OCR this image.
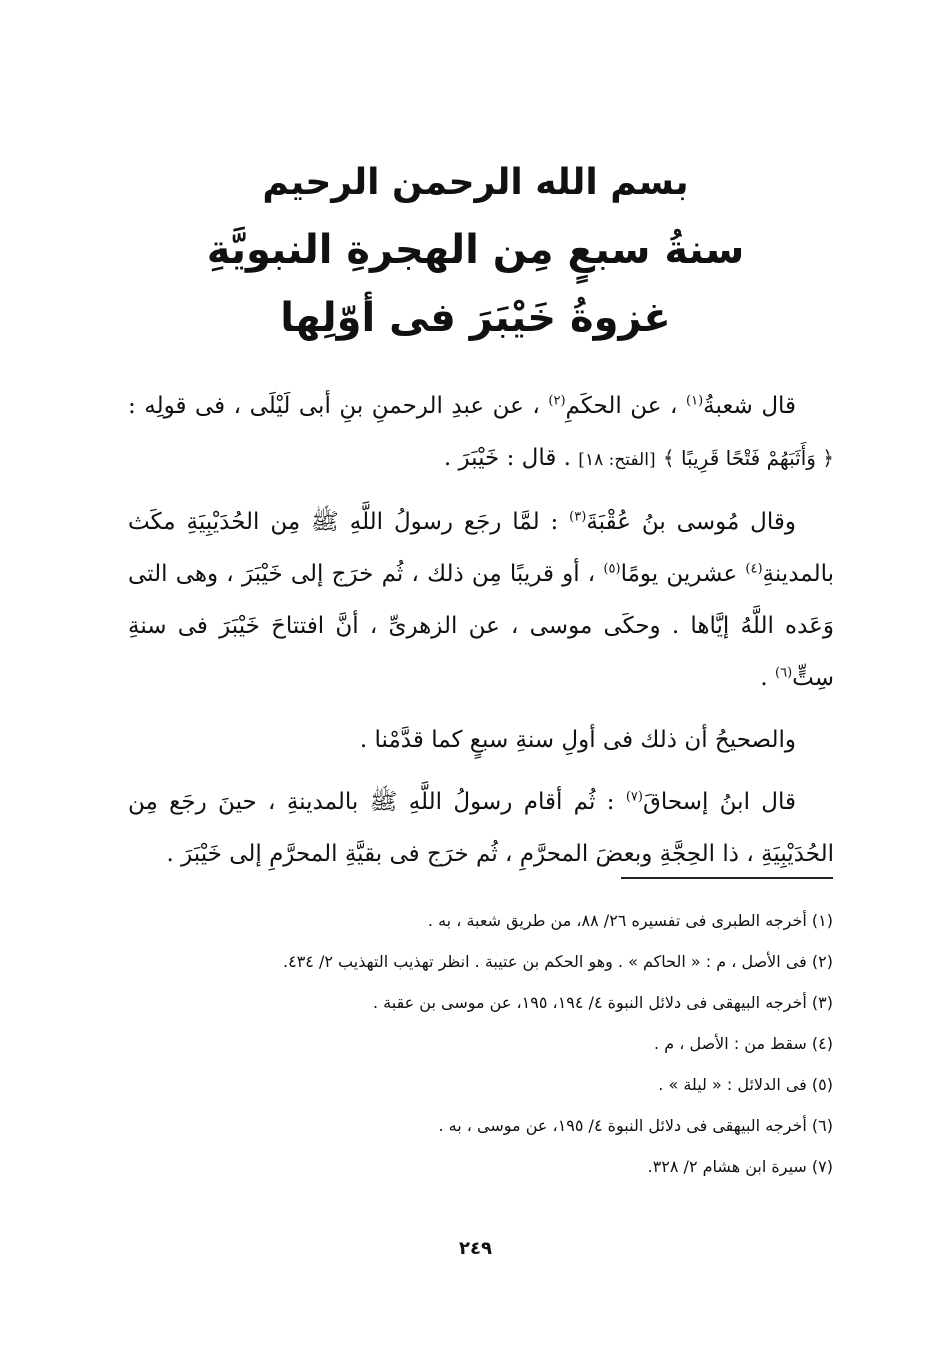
بسم الله الرحمن الرحيم
سنةُ سبعٍ مِن الهجرةِ النبويَّةِ
غزوةُ خَيْبَرَ فى أوّلِها

قال شعبةُ$^{(١)}$ ، عن الحكَمِ$^{(٢)}$ ، عن عبدِ الرحمنِ بنِ أبى لَيْلَى ، فى قولِه : ﴿ وَأَثَبَهُمْ فَتْحًا قَرِيبًا ﴾ [الفتح: ١٨] . قال : خَيْبَرَ .

وقال مُوسى بنُ عُقْبَةَ$^{(٣)}$ : لمَّا رجَع رسولُ اللَّهِ ﷺ مِن الحُدَيْبِيَةِ مكَث بالمدينةِ$^{(٤)}$ عشرين يومًا$^{(٥)}$ ، أو قريبًا مِن ذلك ، ثُم خرَج إلى خَيْبَرَ ، وهى التى وَعَده اللَّهُ إيَّاها . وحكَى موسى ، عن الزهرىِّ ، أنَّ افتتاحَ خَيْبَرَ فى سنةِ سِتٍّ$^{(٦)}$ .

والصحيحُ أن ذلك فى أولِ سنةِ سبعٍ كما قدَّمْنا .

قال ابنُ إسحاقَ$^{(٧)}$ : ثُم أقام رسولُ اللَّهِ ﷺ بالمدينةِ ، حينَ رجَع مِن الحُدَيْبِيَةِ ، ذا الحِجَّةِ وبعضَ المحرَّمِ ، ثُم خرَج فى بقيَّةِ المحرَّمِ إلى خَيْبَرَ .

(١) أخرجه الطبرى فى تفسيره ٢٦/ ٨٨، من طريق شعبة ، به .
(٢) فى الأصل ، م : « الحاكم » . وهو الحكم بن عتيبة . انظر تهذيب التهذيب ٢/ ٤٣٤.
(٣) أخرجه البيهقى فى دلائل النبوة ٤/ ١٩٤، ١٩٥، عن موسى بن عقبة .
(٤) سقط من : الأصل ، م .
(٥) فى الدلائل : « ليلة » .
(٦) أخرجه البيهقى فى دلائل النبوة ٤/ ١٩٥، عن موسى ، به .
(٧) سيرة ابن هشام ٢/ ٣٢٨.
٢٤٩
